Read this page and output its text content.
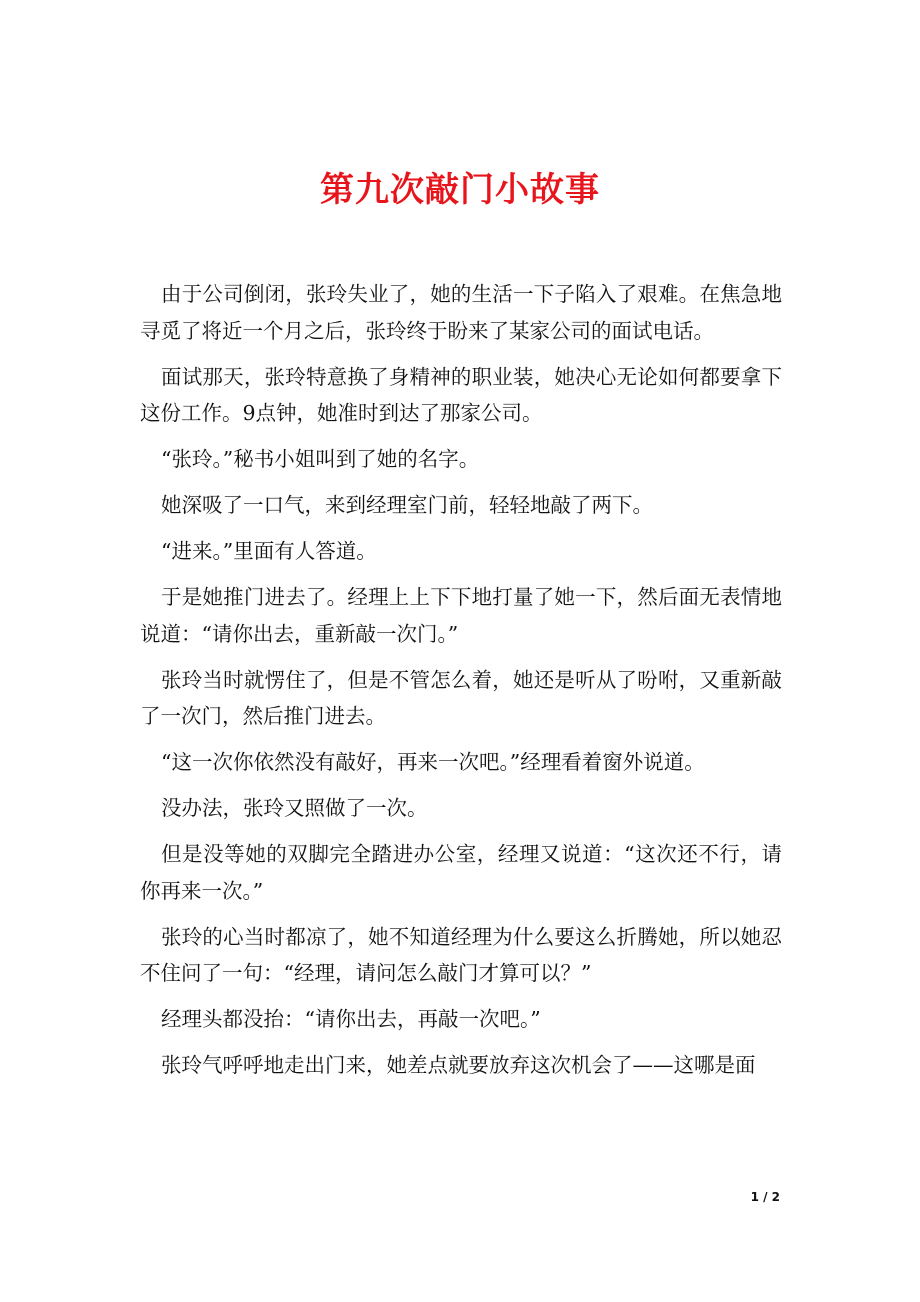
第九次敲门小故事

由于公司倒闭，张玲失业了，她的生活一下子陷入了艰难。在焦急地寻觅了将近一个月之后，张玲终于盼来了某家公司的面试电话。

面试那天，张玲特意换了身精神的职业装，她决心无论如何都要拿下这份工作。9点钟，她准时到达了那家公司。

“张玲。”秘书小姐叫到了她的名字。

她深吸了一口气，来到经理室门前，轻轻地敲了两下。

“进来。”里面有人答道。

于是她推门进去了。经理上上下下地打量了她一下，然后面无表情地说道：“请你出去，重新敲一次门。”

张玲当时就愣住了，但是不管怎么着，她还是听从了吩咐，又重新敲了一次门，然后推门进去。

“这一次你依然没有敲好，再来一次吧。”经理看着窗外说道。

没办法，张玲又照做了一次。

但是没等她的双脚完全踏进办公室，经理又说道：“这次还不行，请你再来一次。”

张玲的心当时都凉了，她不知道经理为什么要这么折腾她，所以她忍不住问了一句：“经理，请问怎么敲门才算可以？”

经理头都没抬：“请你出去，再敲一次吧。”

张玲气呼呼地走出门来，她差点就要放弃这次机会了——这哪是面

1 / 2
